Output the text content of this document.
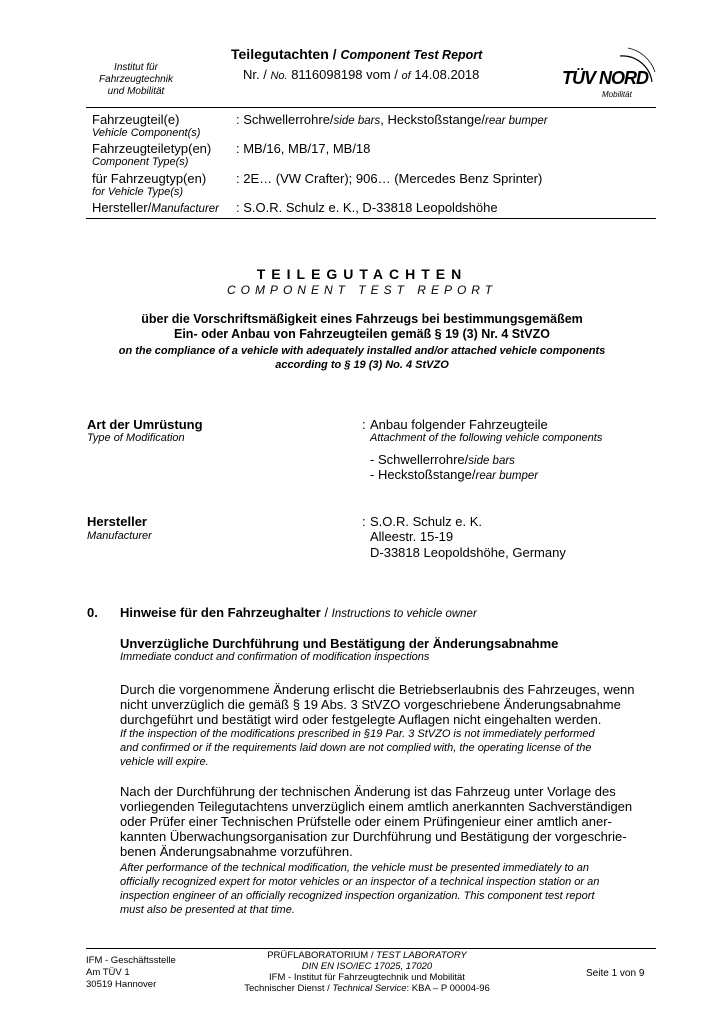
Institut für
Fahrzeugtechnik
und Mobilität
Teilegutachten / Component Test Report
Nr. / No. 8116098198 vom / of 14.08.2018	TÜV NORD
Mobilität
Fahrzeugteil(e)
Vehicle Component(s)
: Schwellerrohre/side bars, Heckstoßstange/rear bumper
Fahrzeugteiletyp(en)
Component Type(s)
: MB/16, MB/17, MB/18
für Fahrzeugtyp(en)
for Vehicle Type(s)
: 2E… (VW Crafter); 906… (Mercedes Benz Sprinter)
Hersteller/Manufacturer : S.O.R. Schulz e. K., D-33818 Leopoldshöhe
TEILEGUTACHTEN
COMPONENT TEST REPORT
über die Vorschriftsmäßigkeit eines Fahrzeugs bei bestimmungsgemäßem
Ein- oder Anbau von Fahrzeugteilen gemäß § 19 (3) Nr. 4 StVZO
on the compliance of a vehicle with adequately installed and/or attached vehicle components
according to § 19 (3) No. 4 StVZO
Art der Umrüstung
Type of Modification
: Anbau folgender Fahrzeugteile
Attachment of the following vehicle components
- Schwellerrohre/side bars
- Heckstoßstange/rear bumper
Hersteller
Manufacturer
: S.O.R. Schulz e. K.
Alleestr. 15-19
D-33818 Leopoldshöhe, Germany
0. Hinweise für den Fahrzeughalter / Instructions to vehicle owner
Unverzügliche Durchführung und Bestätigung der Änderungsabnahme
Immediate conduct and confirmation of modification inspections
Durch die vorgenommene Änderung erlischt die Betriebserlaubnis des Fahrzeuges, wenn
nicht unverzüglich die gemäß § 19 Abs. 3 StVZO vorgeschriebene Änderungsabnahme
durchgeführt und bestätigt wird oder festgelegte Auflagen nicht eingehalten werden.
If the inspection of the modifications prescribed in §19 Par. 3 StVZO is not immediately performed
and confirmed or if the requirements laid down are not complied with, the operating license of the
vehicle will expire.
Nach der Durchführung der technischen Änderung ist das Fahrzeug unter Vorlage des
vorliegenden Teilegutachtens unverzüglich einem amtlich anerkannten Sachverständigen
oder Prüfer einer Technischen Prüfstelle oder einem Prüfingenieur einer amtlich aner-
kannten Überwachungsorganisation zur Durchführung und Bestätigung der vorgeschrie-
benen Änderungsabnahme vorzuführen.
After performance of the technical modification, the vehicle must be presented immediately to an
officially recognized expert for motor vehicles or an inspector of a technical inspection station or an
inspection engineer of an officially recognized inspection organization. This component test report
must also be presented at that time.
IFM - Geschäftsstelle
Am TÜV 1
30519 Hannover
PRÜFLABORATORIUM / TEST LABORATORY
DIN EN ISO/IEC 17025, 17020
IFM - Institut für Fahrzeugtechnik und Mobilität
Technischer Dienst / Technical Service: KBA – P 00004-96
Seite 1 von 9
